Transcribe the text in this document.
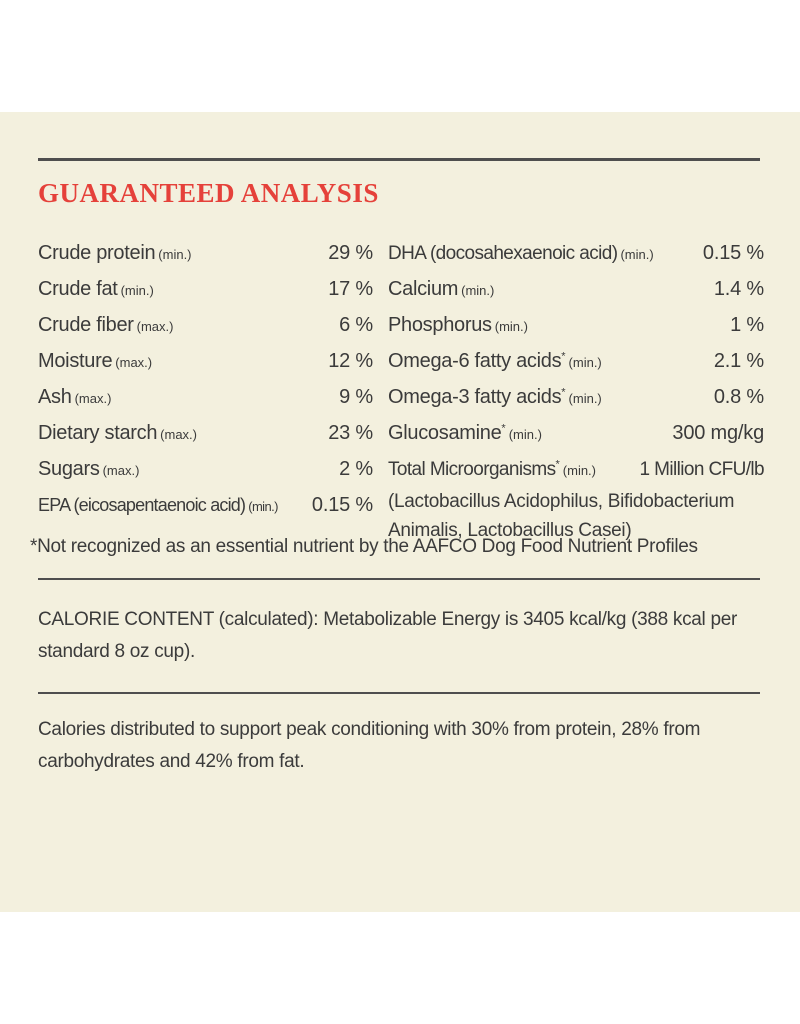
GUARANTEED ANALYSIS
Crude protein (min.)	29 %
Crude fat (min.)	17 %
Crude fiber (max.)	6 %
Moisture (max.)	12 %
Ash (max.)	9 %
Dietary starch (max.)	23 %
Sugars (max.)	2 %
EPA (eicosapentaenoic acid) (min.) 0.15 %
DHA (docosahexaenoic acid) (min.) 0.15 %
Calcium (min.)	1.4 %
Phosphorus (min.)	1 %
Omega-6 fatty acids* (min.)	2.1 %
Omega-3 fatty acids* (min.)	0.8 %
Glucosamine* (min.)	300 mg/kg
Total Microorganisms* (min.) 1 Million CFU/lb
(Lactobacillus Acidophilus, Bifidobacterium
Animalis, Lactobacillus Casei)
*Not recognized as an essential nutrient by the AAFCO Dog Food Nutrient Profiles
CALORIE CONTENT (calculated): Metabolizable Energy is 3405 kcal/kg (388 kcal per standard 8 oz cup).
Calories distributed to support peak conditioning with 30% from protein, 28% from carbohydrates and 42% from fat.
